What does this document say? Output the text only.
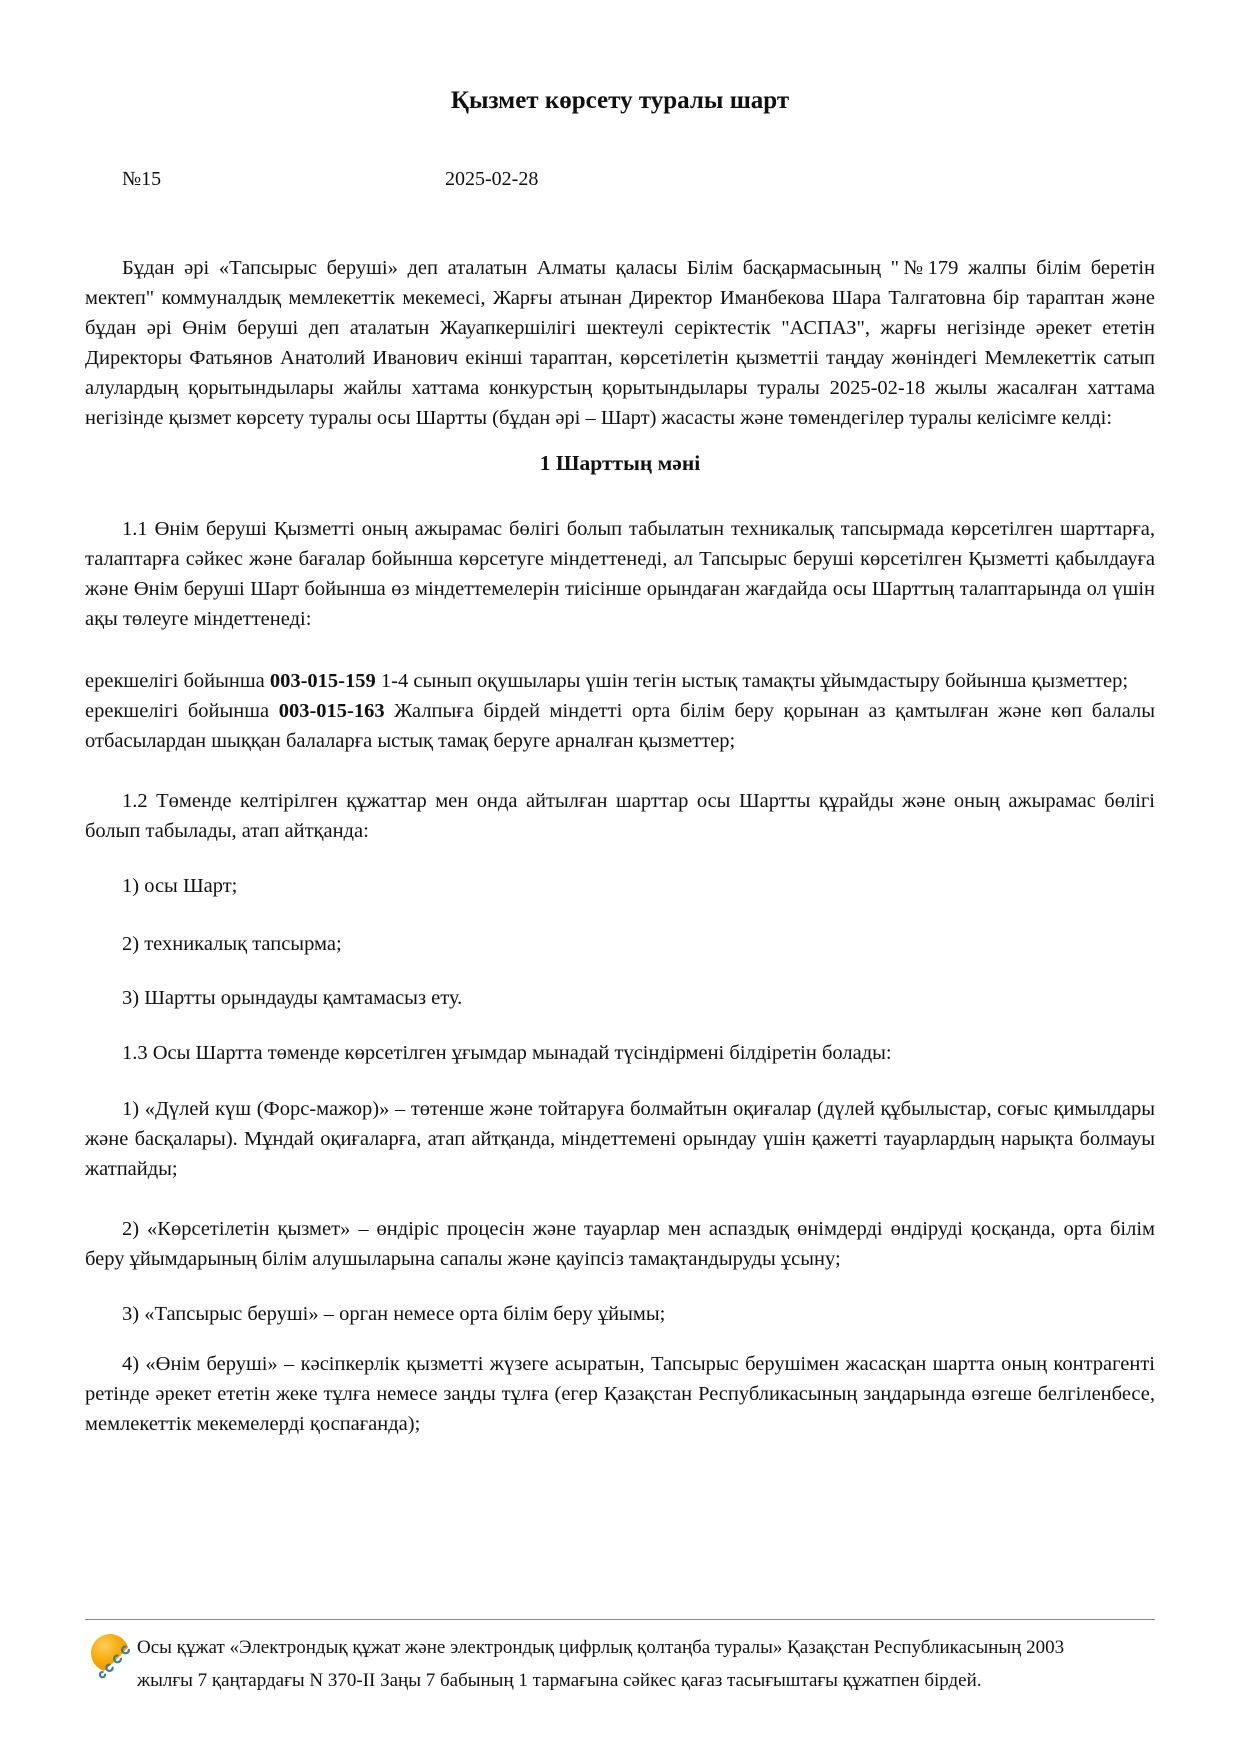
Қызмет көрсету туралы шарт
№15	2025-02-28

Бұдан әрі «Тапсырыс беруші» деп аталатын Алматы қаласы Білім басқармасының "№179 жалпы білім беретін мектеп" коммуналдық мемлекеттік мекемесі, Жарғы атынан Директор Иманбекова Шара Талгатовна бір тараптан және бұдан әрі Өнім беруші деп аталатын Жауапкершілігі шектеулі серіктестік "АСПАЗ", жарғы негізінде әрекет ететін Директоры Фатьянов Анатолий Иванович екінші тараптан, көрсетілетін қызметтіі таңдау жөніндегі Мемлекеттік сатып алулардың қорытындылары жайлы хаттама конкурстың қорытындылары туралы 2025-02-18 жылы жасалған хаттама негізінде қызмет көрсету туралы осы Шартты (бұдан әрі – Шарт) жасасты және төмендегілер туралы келісімге келді:

1 Шарттың мәні

1.1 Өнім беруші Қызметті оның ажырамас бөлігі болып табылатын техникалық тапсырмада көрсетілген шарттарға, талаптарға сәйкес және бағалар бойынша көрсетуге міндеттенеді, ал Тапсырыс беруші көрсетілген Қызметті қабылдауға және Өнім беруші Шарт бойынша өз міндеттемелерін тиісінше орындаған жағдайда осы Шарттың талаптарында ол үшін ақы төлеуге міндеттенеді:

ерекшелігі бойынша 003-015-159 1-4 сынып оқушылары үшін тегін ыстық тамақты ұйымдастыру бойынша қызметтер;

ерекшелігі бойынша 003-015-163 Жалпыға бірдей міндетті орта білім беру қорынан аз қамтылған және көп балалы отбасылардан шыққан балаларға ыстық тамақ беруге арналған қызметтер;

1.2 Төменде келтірілген құжаттар мен онда айтылған шарттар осы Шартты құрайды және оның ажырамас бөлігі болып табылады, атап айтқанда:

1) осы Шарт;

2) техникалық тапсырма;

3) Шартты орындауды қамтамасыз ету.

1.3 Осы Шартта төменде көрсетілген ұғымдар мынадай түсіндірмені білдіретін болады:

1) «Дүлей күш (Форс-мажор)» – төтенше және тойтаруға болмайтын оқиғалар (дүлей құбылыстар, соғыс қимылдары және басқалары). Мұндай оқиғаларға, атап айтқанда, міндеттемені орындау үшін қажетті тауарлардың нарықта болмауы жатпайды;

2) «Көрсетілетін қызмет» – өндіріс процесін және тауарлар мен аспаздық өнімдерді өндіруді қосқанда, орта білім беру ұйымдарының білім алушыларына сапалы және қауіпсіз тамақтандыруды ұсыну;

3) «Тапсырыс беруші» – орган немесе орта білім беру ұйымы;

4) «Өнім беруші» – кәсіпкерлік қызметті жүзеге асыратын, Тапсырыс берушімен жасасқан шартта оның контрагенті ретінде әрекет ететін жеке тұлға немесе заңды тұлға (егер Қазақстан Республикасының заңдарында өзгеше белгіленбесе, мемлекеттік мекемелерді қоспағанда);

Осы құжат «Электрондық құжат және электрондық цифрлық қолтаңба туралы» Қазақстан Республикасының 2003 жылғы 7 қаңтардағы N 370-II Заңы 7 бабының 1 тармағына сәйкес қағаз тасығыштағы құжатпен бірдей.
